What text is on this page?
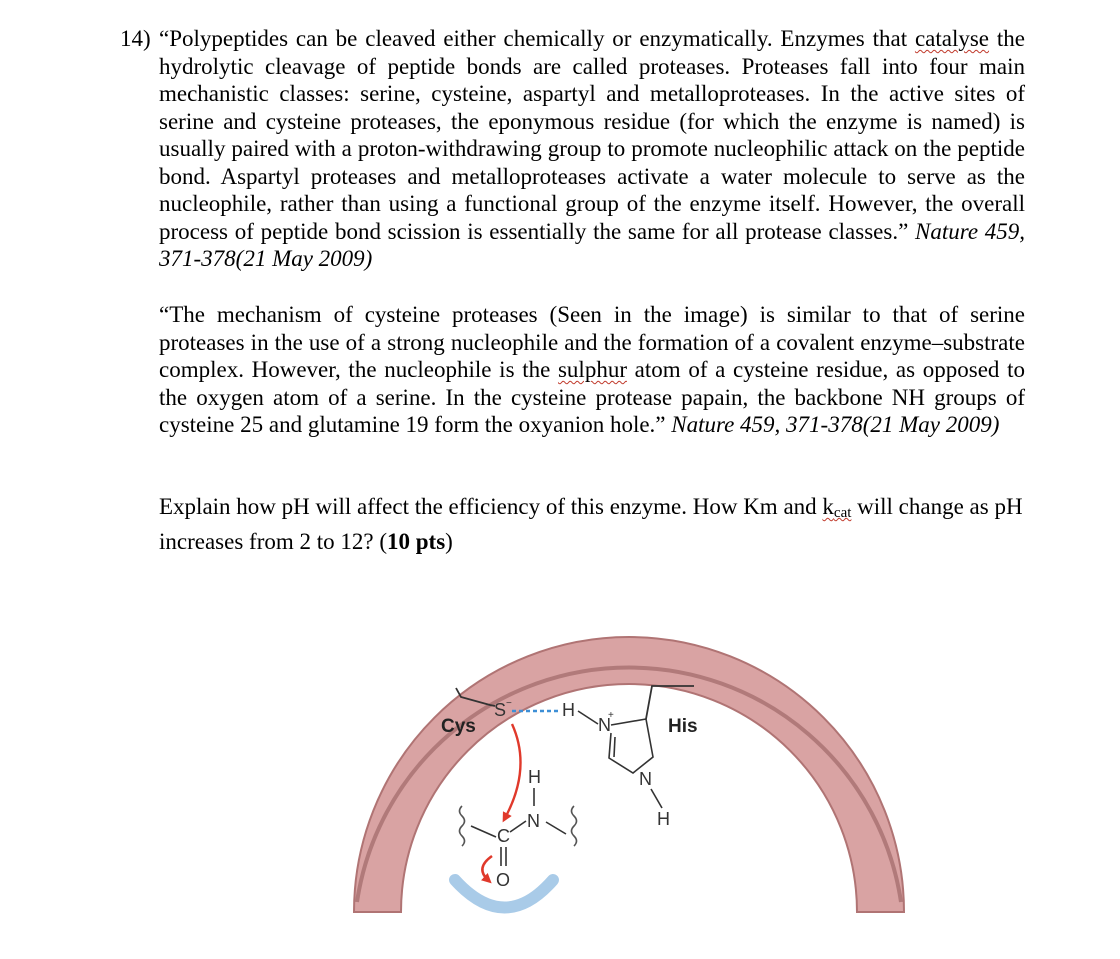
14) “Polypeptides can be cleaved either chemically or enzymatically. Enzymes that catalyse the hydrolytic cleavage of peptide bonds are called proteases. Proteases fall into four main mechanistic classes: serine, cysteine, aspartyl and metalloproteases. In the active sites of serine and cysteine proteases, the eponymous residue (for which the enzyme is named) is usually paired with a proton-withdrawing group to promote nucleophilic attack on the peptide bond. Aspartyl proteases and metalloproteases activate a water molecule to serve as the nucleophile, rather than using a functional group of the enzyme itself. However, the overall process of peptide bond scission is essentially the same for all protease classes.” Nature 459, 371-378(21 May 2009)
“The mechanism of cysteine proteases (Seen in the image) is similar to that of serine proteases in the use of a strong nucleophile and the formation of a covalent enzyme–substrate complex. However, the nucleophile is the sulphur atom of a cysteine residue, as opposed to the oxygen atom of a serine. In the cysteine protease papain, the backbone NH groups of cysteine 25 and glutamine 19 form the oxyanion hole.” Nature 459, 371-378(21 May 2009)
Explain how pH will affect the efficiency of this enzyme. How Km and $k_{cat}$ will change as pH increases from 2 to 12? (10 pts)
Cys
S −	H
N
+
His
N
H
H
N
C
O
